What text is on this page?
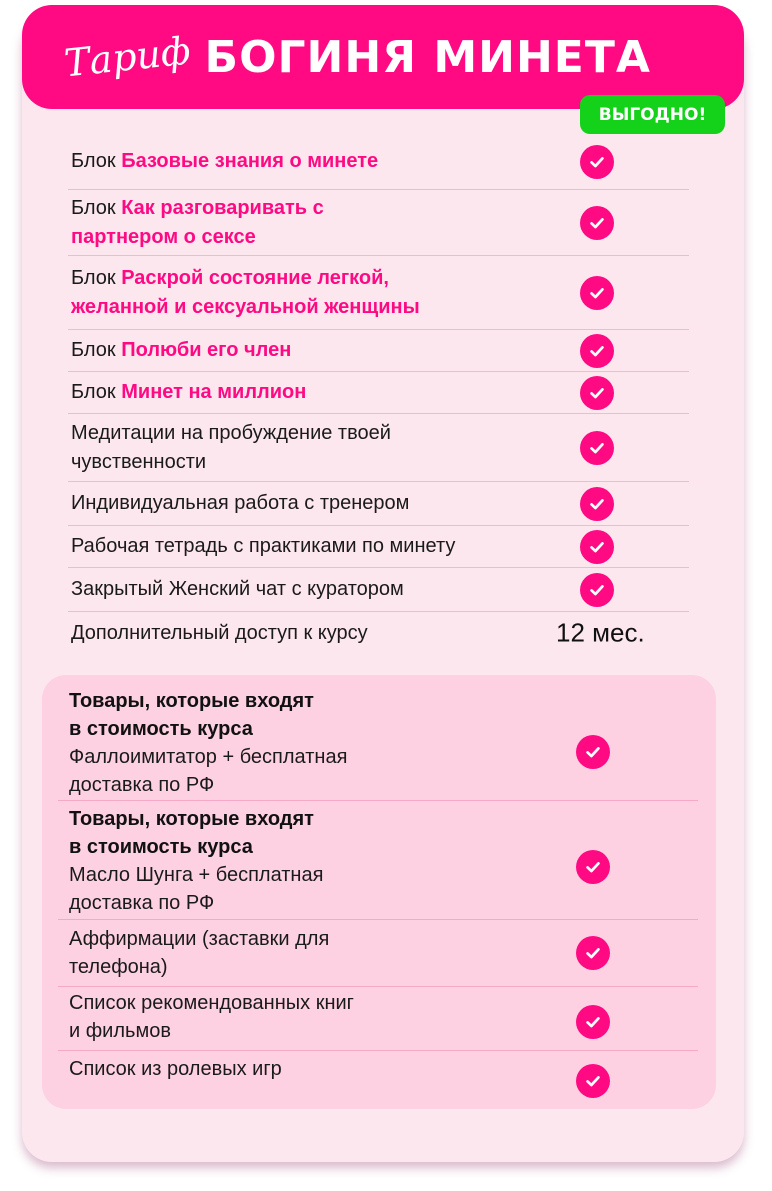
Тариф БОГИНЯ МИНЕТА
ВЫГОДНО!
Блок Базовые знания о минете
Блок Как разговаривать с
партнером о сексе
Блок Раскрой состояние легкой,
желанной и сексуальной женщины
Блок Полюби его член
Блок Минет на миллион
Медитации на пробуждение твоей
чувственности
Индивидуальная работа с тренером
Рабочая тетрадь с практиками по минету
Закрытый Женский чат с куратором
Дополнительный доступ к курсу	12 мес.
Товары, которые входят
в стоимость курса
Фаллоимитатор + бесплатная
доставка по РФ
Товары, которые входят
в стоимость курса
Масло Шунга + бесплатная
доставка по РФ
Аффирмации (заставки для
телефона)
Список рекомендованных книг
и фильмов
Список из ролевых игр
